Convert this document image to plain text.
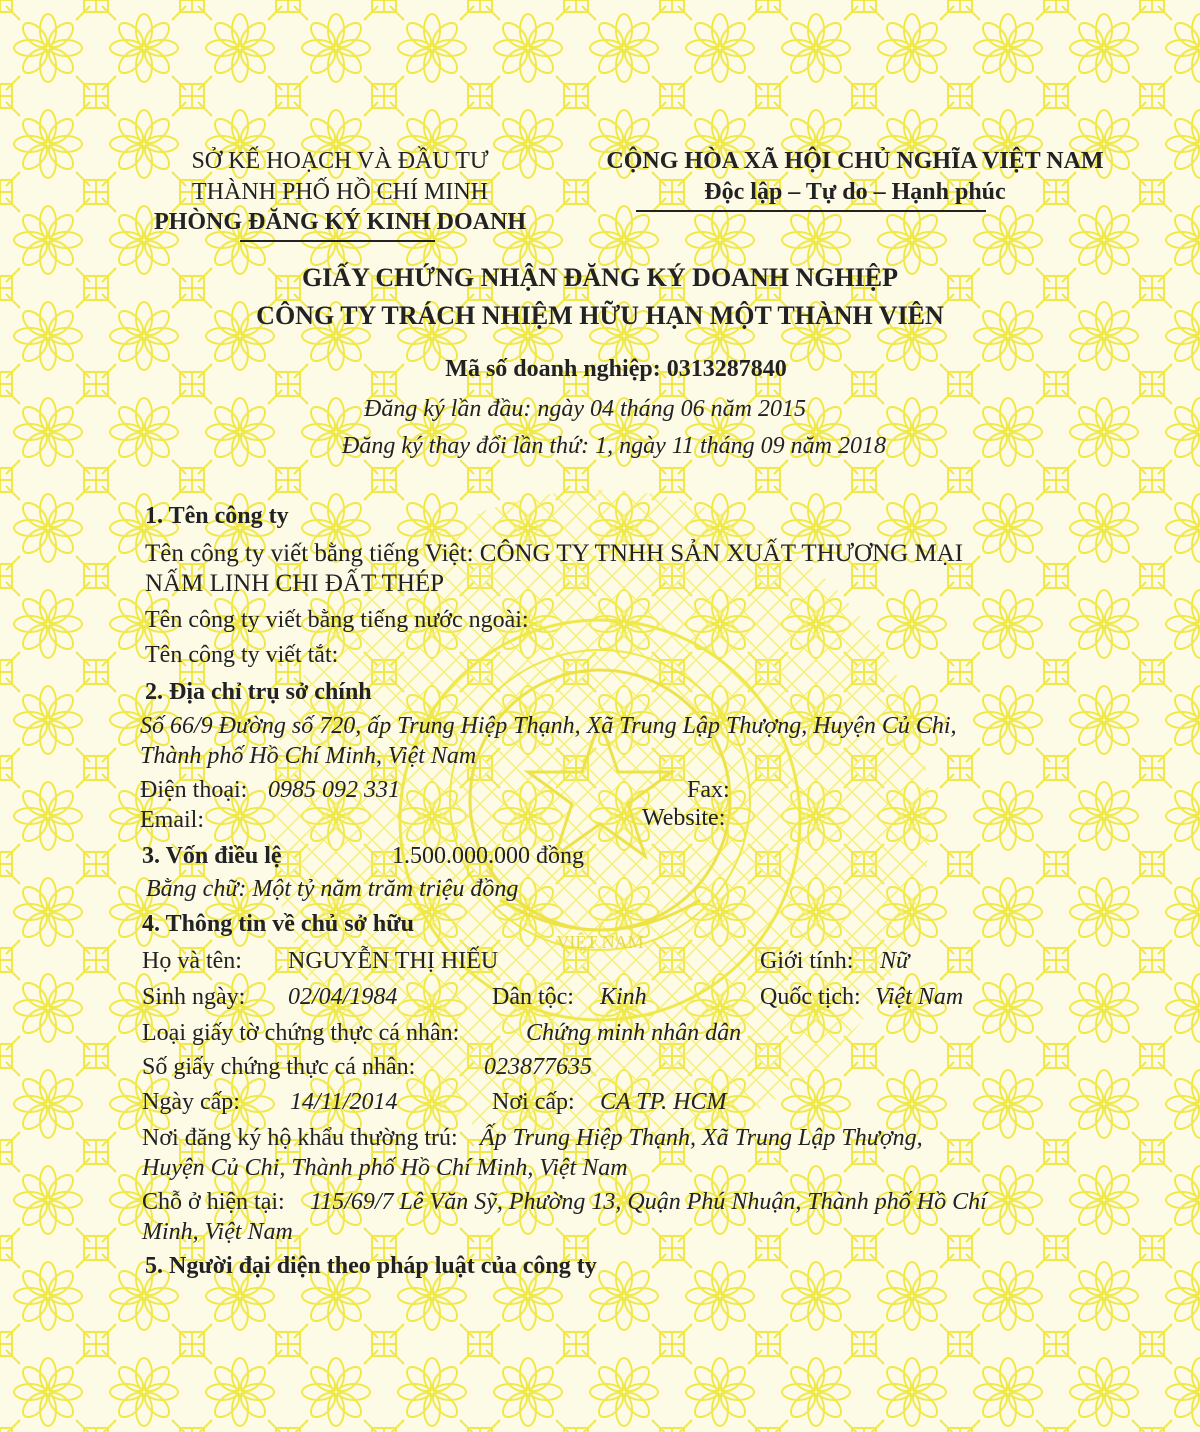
VIỆT NAM
SỞ KẾ HOẠCH VÀ ĐẦU TƯ
THÀNH PHỐ HỒ CHÍ MINH
PHÒNG ĐĂNG KÝ KINH DOANH
CỘNG HÒA XÃ HỘI CHỦ NGHĨA VIỆT NAM
Độc lập – Tự do – Hạnh phúc
GIẤY CHỨNG NHẬN ĐĂNG KÝ DOANH NGHIỆP
CÔNG TY TRÁCH NHIỆM HỮU HẠN MỘT THÀNH VIÊN
Mã số doanh nghiệp: 0313287840
Đăng ký lần đầu: ngày 04 tháng 06 năm 2015
Đăng ký thay đổi lần thứ: 1, ngày 11 tháng 09 năm 2018
1. Tên công ty
Tên công ty viết bằng tiếng Việt: CÔNG TY TNHH SẢN XUẤT THƯƠNG MẠI
NẤM LINH CHI ĐẤT THÉP
Tên công ty viết bằng tiếng nước ngoài:
Tên công ty viết tắt:
2. Địa chỉ trụ sở chính
Số 66/9 Đường số 720, ấp Trung Hiệp Thạnh, Xã Trung Lập Thượng, Huyện Củ Chi,
Thành phố Hồ Chí Minh, Việt Nam
Điện thoại: 0985 092 331	Fax:
Email:	Website:
3. Vốn điều lệ	1.500.000.000 đồng
Bằng chữ: Một tỷ năm trăm triệu đồng
4. Thông tin về chủ sở hữu
Họ và tên: NGUYỄN THỊ HIẾU	Giới tính: Nữ
Sinh ngày: 02/04/1984	Dân tộc: Kinh	Quốc tịch: Việt Nam
Loại giấy tờ chứng thực cá nhân:	Chứng minh nhân dân
Số giấy chứng thực cá nhân:	023877635
Ngày cấp: 14/11/2014	Nơi cấp: CA TP. HCM
Nơi đăng ký hộ khẩu thường trú: Ấp Trung Hiệp Thạnh, Xã Trung Lập Thượng,
Huyện Củ Chi, Thành phố Hồ Chí Minh, Việt Nam
Chỗ ở hiện tại: 115/69/7 Lê Văn Sỹ, Phường 13, Quận Phú Nhuận, Thành phố Hồ Chí
Minh, Việt Nam
5. Người đại diện theo pháp luật của công ty
